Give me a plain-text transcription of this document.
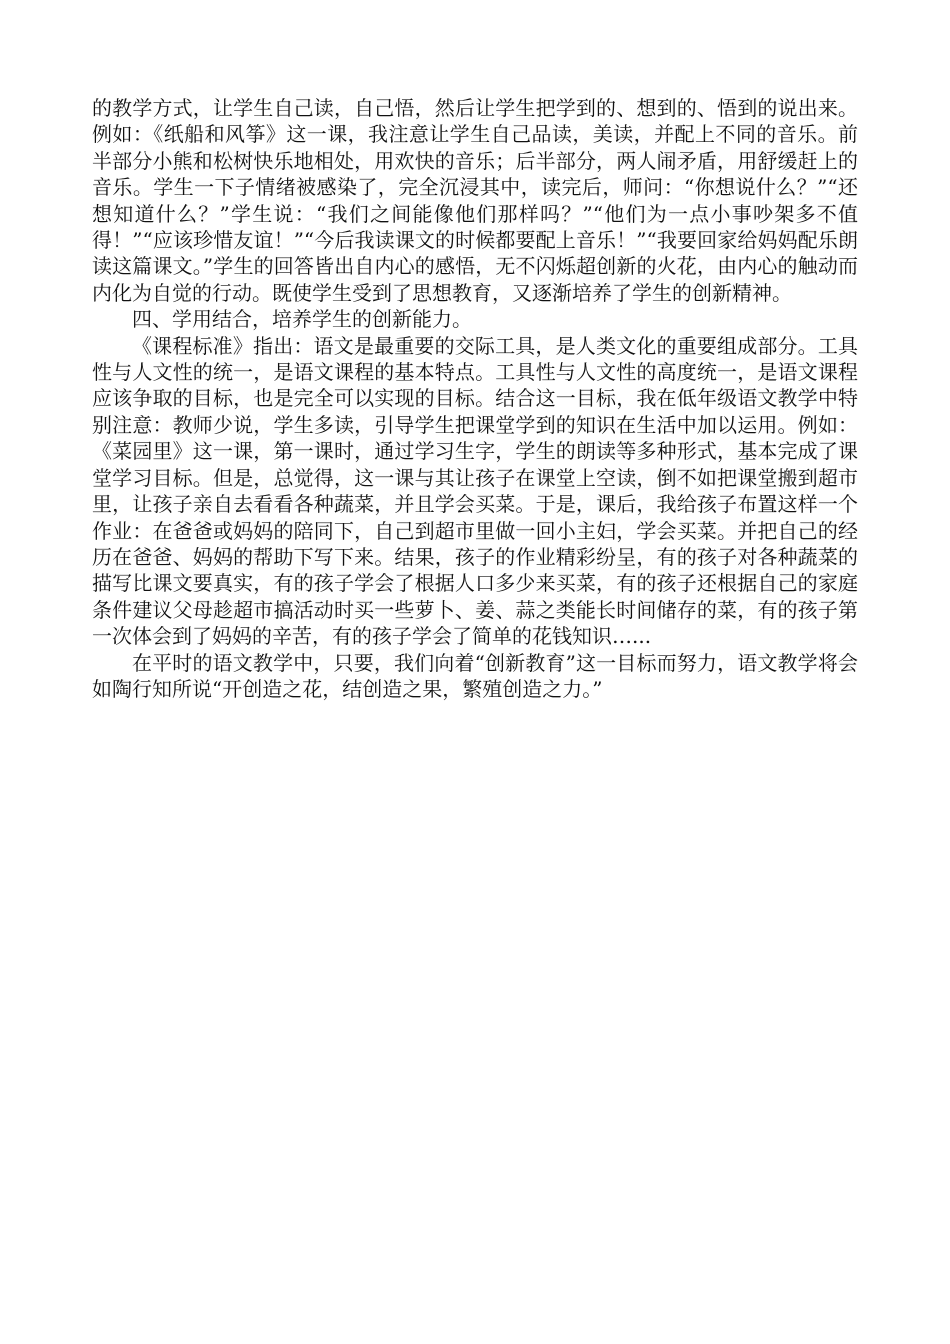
的教学方式，让学生自己读，自己悟，然后让学生把学到的、想到的、悟到的说出来。例如：《纸船和风筝》这一课，我注意让学生自己品读，美读，并配上不同的音乐。前半部分小熊和松树快乐地相处，用欢快的音乐；后半部分，两人闹矛盾，用舒缓赶上的音乐。学生一下子情绪被感染了，完全沉浸其中，读完后，师问：“你想说什么？”“还想知道什么？”学生说：“我们之间能像他们那样吗？”“他们为一点小事吵架多不值得！”“应该珍惜友谊！”“今后我读课文的时候都要配上音乐！”“我要回家给妈妈配乐朗读这篇课文。”学生的回答皆出自内心的感悟，无不闪烁超创新的火花，由内心的触动而内化为自觉的行动。既使学生受到了思想教育，又逐渐培养了学生的创新精神。

四、学用结合，培养学生的创新能力。

《课程标准》指出：语文是最重要的交际工具，是人类文化的重要组成部分。工具性与人文性的统一，是语文课程的基本特点。工具性与人文性的高度统一，是语文课程应该争取的目标，也是完全可以实现的目标。结合这一目标，我在低年级语文教学中特别注意：教师少说，学生多读，引导学生把课堂学到的知识在生活中加以运用。例如：《菜园里》这一课，第一课时，通过学习生字，学生的朗读等多种形式，基本完成了课堂学习目标。但是，总觉得，这一课与其让孩子在课堂上空读，倒不如把课堂搬到超市里，让孩子亲自去看看各种蔬菜，并且学会买菜。于是，课后，我给孩子布置这样一个作业：在爸爸或妈妈的陪同下，自己到超市里做一回小主妇，学会买菜。并把自己的经历在爸爸、妈妈的帮助下写下来。结果，孩子的作业精彩纷呈，有的孩子对各种蔬菜的描写比课文要真实，有的孩子学会了根据人口多少来买菜，有的孩子还根据自己的家庭条件建议父母趁超市搞活动时买一些萝卜、姜、蒜之类能长时间储存的菜，有的孩子第一次体会到了妈妈的辛苦，有的孩子学会了简单的花钱知识…...

在平时的语文教学中，只要，我们向着“创新教育”这一目标而努力，语文教学将会如陶行知所说“开创造之花，结创造之果，繁殖创造之力。”
